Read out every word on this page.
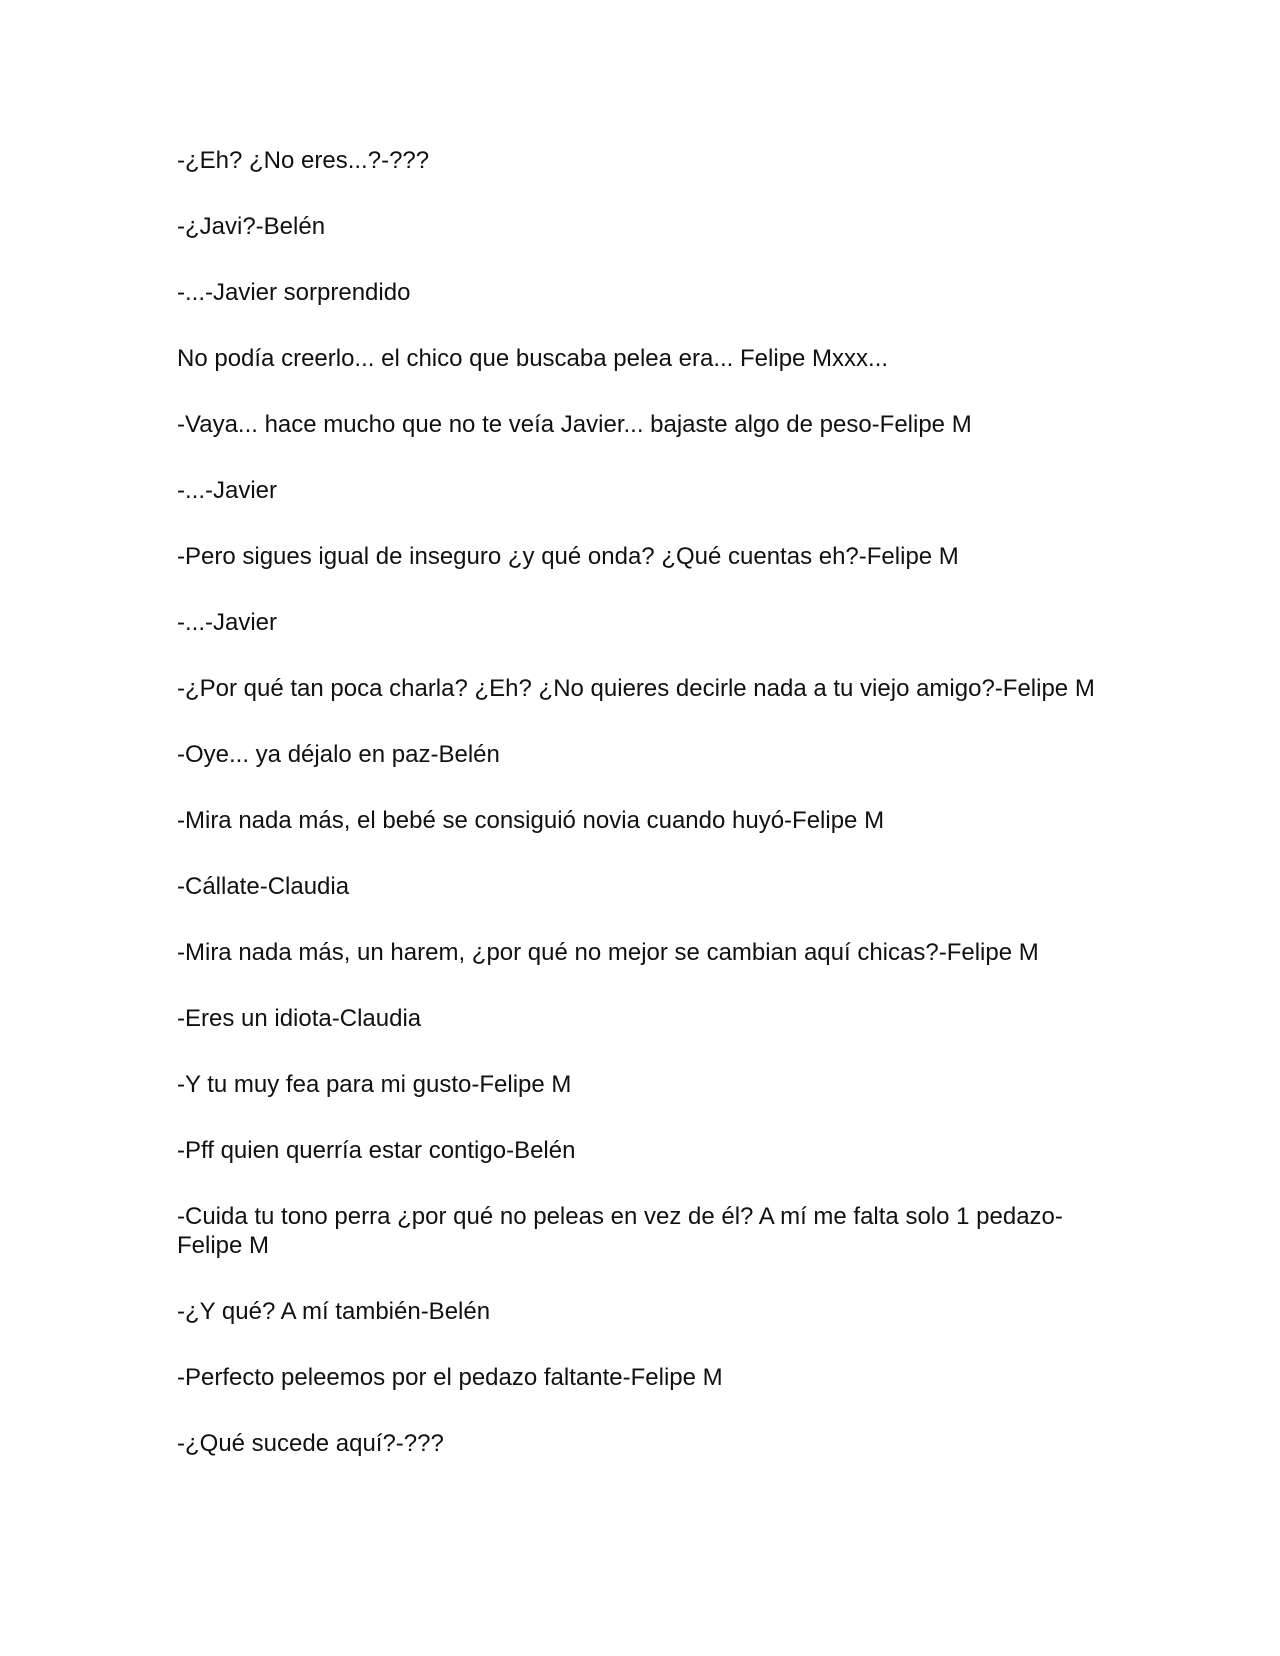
-¿Eh? ¿No eres...?-???

-¿Javi?-Belén

-...-Javier sorprendido

No podía creerlo... el chico que buscaba pelea era... Felipe Mxxx...

-Vaya... hace mucho que no te veía Javier... bajaste algo de peso-Felipe M

-...-Javier

-Pero sigues igual de inseguro ¿y qué onda? ¿Qué cuentas eh?-Felipe M

-...-Javier

-¿Por qué tan poca charla? ¿Eh? ¿No quieres decirle nada a tu viejo amigo?-Felipe M

-Oye... ya déjalo en paz-Belén

-Mira nada más, el bebé se consiguió novia cuando huyó-Felipe M

-Cállate-Claudia

-Mira nada más, un harem, ¿por qué no mejor se cambian aquí chicas?-Felipe M

-Eres un idiota-Claudia

-Y tu muy fea para mi gusto-Felipe M

-Pff quien querría estar contigo-Belén

-Cuida tu tono perra ¿por qué no peleas en vez de él? A mí me falta solo 1 pedazo-Felipe M

-¿Y qué? A mí también-Belén

-Perfecto peleemos por el pedazo faltante-Felipe M

-¿Qué sucede aquí?-???
